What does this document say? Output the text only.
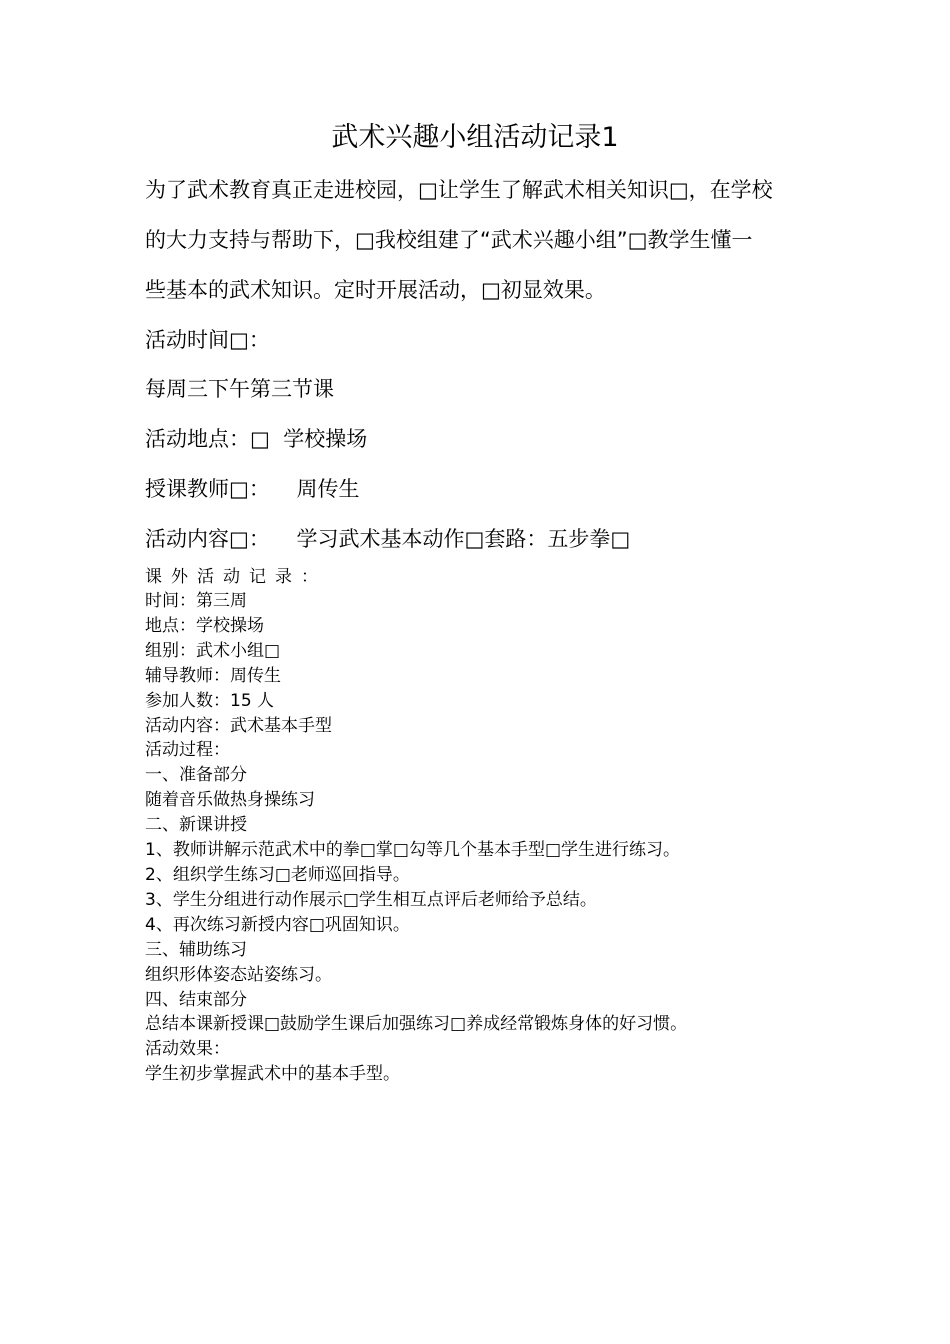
武术兴趣小组活动记录1
为了武术教育真正走进校园，□让学生了解武术相关知识□，在学校
的大力支持与帮助下，□我校组建了“武术兴趣小组”□教学生懂一
些基本的武术知识。定时开展活动，□初显效果。
活动时间□：
每周三下午第三节课
活动地点：□  学校操场
授课教师□：    周传生
活动内容□：    学习武术基本动作□套路：五步拳□
课外活动记录：
时间：第三周
地点：学校操场
组别：武术小组□
辅导教师：周传生
参加人数：15 人
活动内容：武术基本手型
活动过程：
一、准备部分
随着音乐做热身操练习
二、新课讲授
1、教师讲解示范武术中的拳□掌□勾等几个基本手型□学生进行练习。
2、组织学生练习□老师巡回指导。
3、学生分组进行动作展示□学生相互点评后老师给予总结。
4、再次练习新授内容□巩固知识。
三、辅助练习
组织形体姿态站姿练习。
四、结束部分
总结本课新授课□鼓励学生课后加强练习□养成经常锻炼身体的好习惯。
活动效果：
学生初步掌握武术中的基本手型。
